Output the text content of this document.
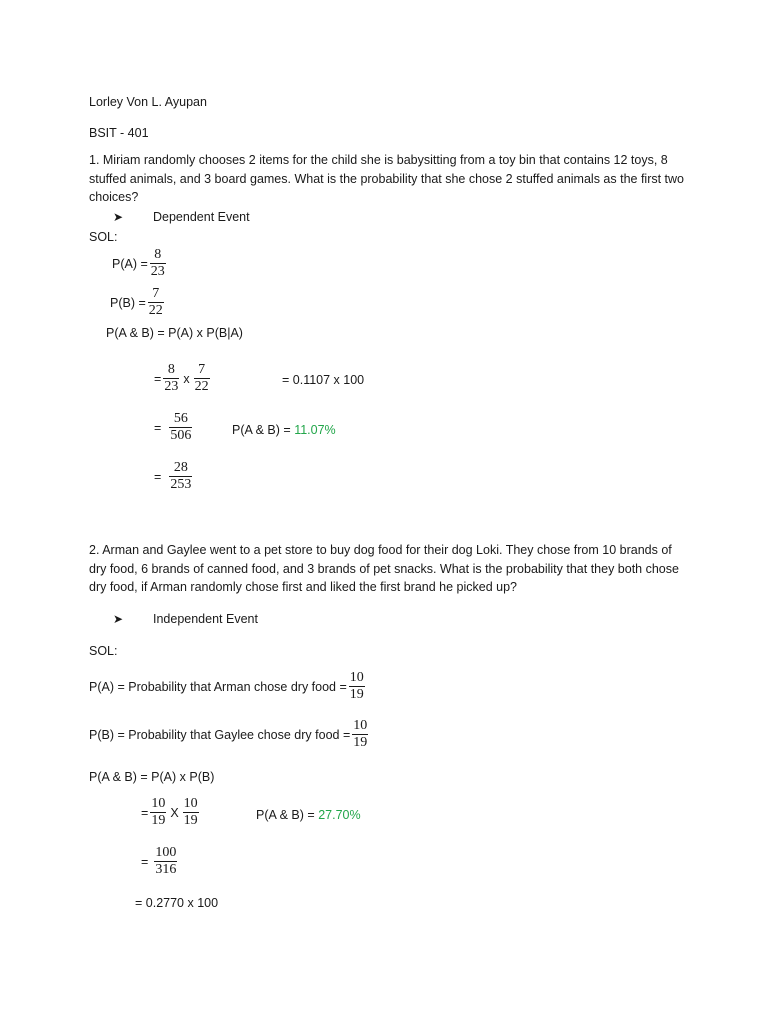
Lorley Von L. Ayupan
BSIT - 401
1. Miriam randomly chooses 2 items for the child she is babysitting from a toy bin that contains 12 toys, 8 stuffed animals, and 3 board games. What is the probability that she chose 2 stuffed animals as the first two choices?
➤ Dependent Event
SOL:
$P(A) = \frac{8}{23}$
$P(B) = \frac{7}{22}$
P(A & B) = P(A) x P(B|A)
= $\frac{8}{23}$ x $\frac{7}{22}$	= 0.1107 x 100
= $\frac{56}{506}$	P(A & B) = 11.07%
= $\frac{28}{253}$
2. Arman and Gaylee went to a pet store to buy dog food for their dog Loki. They chose from 10 brands of dry food, 6 brands of canned food, and 3 brands of pet snacks. What is the probability that they both chose dry food, if Arman randomly chose first and liked the first brand he picked up?
➤ Independent Event
SOL:
P(A) = Probability that Arman chose dry food = $\frac{10}{19}$
P(B) = Probability that Gaylee chose dry food = $\frac{10}{19}$
P(A & B) = P(A) x P(B)
= $\frac{10}{19}$ X $\frac{10}{19}$	P(A & B) = 27.70%
= $\frac{100}{316}$
= 0.2770 x 100
